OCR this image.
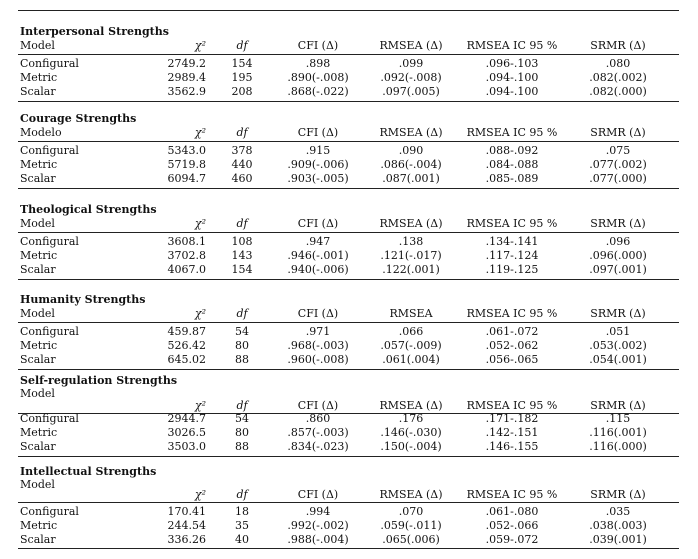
Interpersonal Strengths
Model	χ²	df	CFI (Δ)	RMSEA (Δ)	RMSEA IC 95 %	SRMR (Δ)
Configural	2749.2	154	.898	.099	.096-.103	.080
Metric	2989.4	195	.890(-.008)	.092(-.008)	.094-.100	.082(.002)
Scalar	3562.9	208	.868(-.022)	.097(.005)	.094-.100	.082(.000)
Courage Strengths
Modelo	χ²	df	CFI (Δ)	RMSEA (Δ)	RMSEA IC 95 %	SRMR (Δ)
Configural	5343.0	378	.915	.090	.088-.092	.075
Metric	5719.8	440	.909(-.006)	.086(-.004)	.084-.088	.077(.002)
Scalar	6094.7	460	.903(-.005)	.087(.001)	.085-.089	.077(.000)
Theological Strengths
Model	χ²	df	CFI (Δ)	RMSEA (Δ)	RMSEA IC 95 %	SRMR (Δ)
Configural	3608.1	108	.947	.138	.134-.141	.096
Metric	3702.8	143	.946(-.001)	.121(-.017)	.117-.124	.096(.000)
Scalar	4067.0	154	.940(-.006)	.122(.001)	.119-.125	.097(.001)
Humanity Strengths
Model	χ²	df	CFI (Δ)	RMSEA	RMSEA IC 95 %	SRMR (Δ)
Configural	459.87	54	.971	.066	.061-.072	.051
Metric	526.42	80	.968(-.003)	.057(-.009)	.052-.062	.053(.002)
Scalar	645.02	88	.960(-.008)	.061(.004)	.056-.065	.054(.001)
Self-regulation Strengths
Model
χ²	df	CFI (Δ)	RMSEA (Δ)	RMSEA IC 95 %	SRMR (Δ)
Configural	2944.7	54	.860	.176	.171-.182	.115
Metric	3026.5	80	.857(-.003)	.146(-.030)	.142-.151	.116(.001)
Scalar	3503.0	88	.834(-.023)	.150(-.004)	.146-.155	.116(.000)
Intellectual Strengths
Model
χ²	df	CFI (Δ)	RMSEA (Δ)	RMSEA IC 95 %	SRMR (Δ)
Configural	170.41	18	.994	.070	.061-.080	.035
Metric	244.54	35	.992(-.002)	.059(-.011)	.052-.066	.038(.003)
Scalar	336.26	40	.988(-.004)	.065(.006)	.059-.072	.039(.001)
